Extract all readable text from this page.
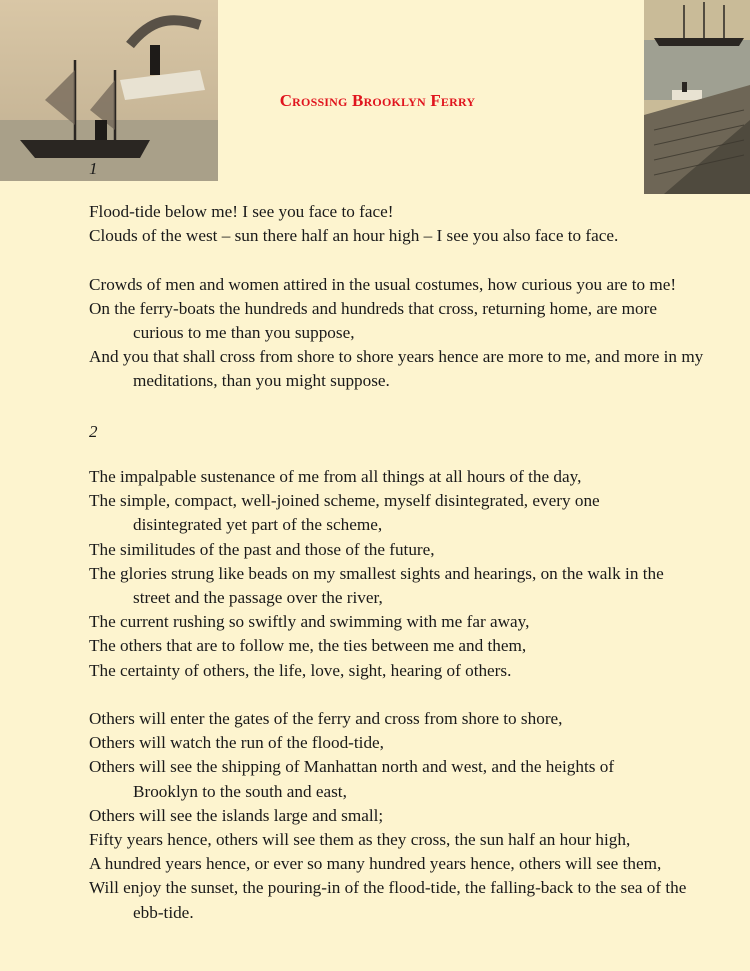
Crossing Brooklyn Ferry
1
Flood-tide below me! I see you face to face!
Clouds of the west – sun there half an hour high – I see you also face to face.
Crowds of men and women attired in the usual costumes, how curious you are to me!
On the ferry-boats the hundreds and hundreds that cross, returning home, are more curious to me than you suppose,
And you that shall cross from shore to shore years hence are more to me, and more in my meditations, than you might suppose.
2
The impalpable sustenance of me from all things at all hours of the day,
The simple, compact, well-joined scheme, myself disintegrated, every one disintegrated yet part of the scheme,
The similitudes of the past and those of the future,
The glories strung like beads on my smallest sights and hearings, on the walk in the street and the passage over the river,
The current rushing so swiftly and swimming with me far away,
The others that are to follow me, the ties between me and them,
The certainty of others, the life, love, sight, hearing of others.
Others will enter the gates of the ferry and cross from shore to shore,
Others will watch the run of the flood-tide,
Others will see the shipping of Manhattan north and west, and the heights of Brooklyn to the south and east,
Others will see the islands large and small;
Fifty years hence, others will see them as they cross, the sun half an hour high,
A hundred years hence, or ever so many hundred years hence, others will see them,
Will enjoy the sunset, the pouring-in of the flood-tide, the falling-back to the sea of the ebb-tide.
